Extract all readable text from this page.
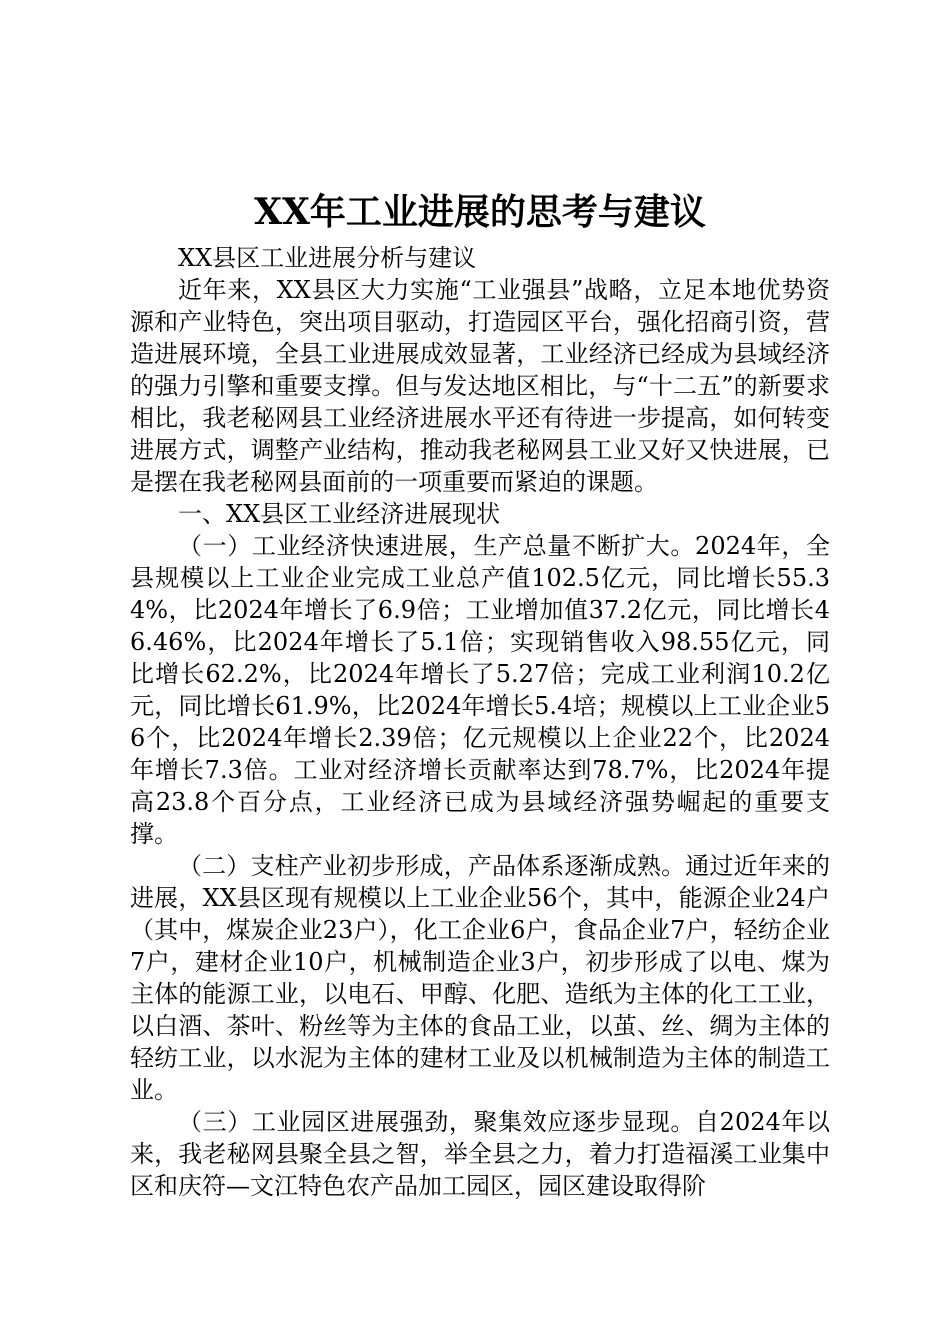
XX年工业进展的思考与建议

XX县区工业进展分析与建议

近年来，XX县区大力实施“工业强县”战略，立足本地优势资源和产业特色，突出项目驱动，打造园区平台，强化招商引资，营造进展环境，全县工业进展成效显著，工业经济已经成为县域经济的强力引擎和重要支撑。但与发达地区相比，与“十二五”的新要求相比，我老秘网县工业经济进展水平还有待进一步提高，如何转变进展方式，调整产业结构，推动我老秘网县工业又好又快进展，已是摆在我老秘网县面前的一项重要而紧迫的课题。

一、XX县区工业经济进展现状

（一）工业经济快速进展，生产总量不断扩大。2024年，全县规模以上工业企业完成工业总产值102.5亿元，同比增长55.34%，比2024年增长了6.9倍；工业增加值37.2亿元，同比增长46.46%，比2024年增长了5.1倍；实现销售收入98.55亿元，同比增长62.2%，比2024年增长了5.27倍；完成工业利润10.2亿元，同比增长61.9%，比2024年增长5.4培；规模以上工业企业56个，比2024年增长2.39倍；亿元规模以上企业22个，比2024年增长7.3倍。工业对经济增长贡献率达到78.7%，比2024年提高23.8个百分点，工业经济已成为县域经济强势崛起的重要支撑。

（二）支柱产业初步形成，产品体系逐渐成熟。通过近年来的进展，XX县区现有规模以上工业企业56个，其中，能源企业24户（其中，煤炭企业23户），化工企业6户，食品企业7户，轻纺企业7户，建材企业10户，机械制造企业3户，初步形成了以电、煤为主体的能源工业，以电石、甲醇、化肥、造纸为主体的化工工业，以白酒、茶叶、粉丝等为主体的食品工业，以茧、丝、绸为主体的轻纺工业，以水泥为主体的建材工业及以机械制造为主体的制造工业。

（三）工业园区进展强劲，聚集效应逐步显现。自2024年以来，我老秘网县聚全县之智，举全县之力，着力打造福溪工业集中区和庆符—文江特色农产品加工园区，园区建设取得阶
